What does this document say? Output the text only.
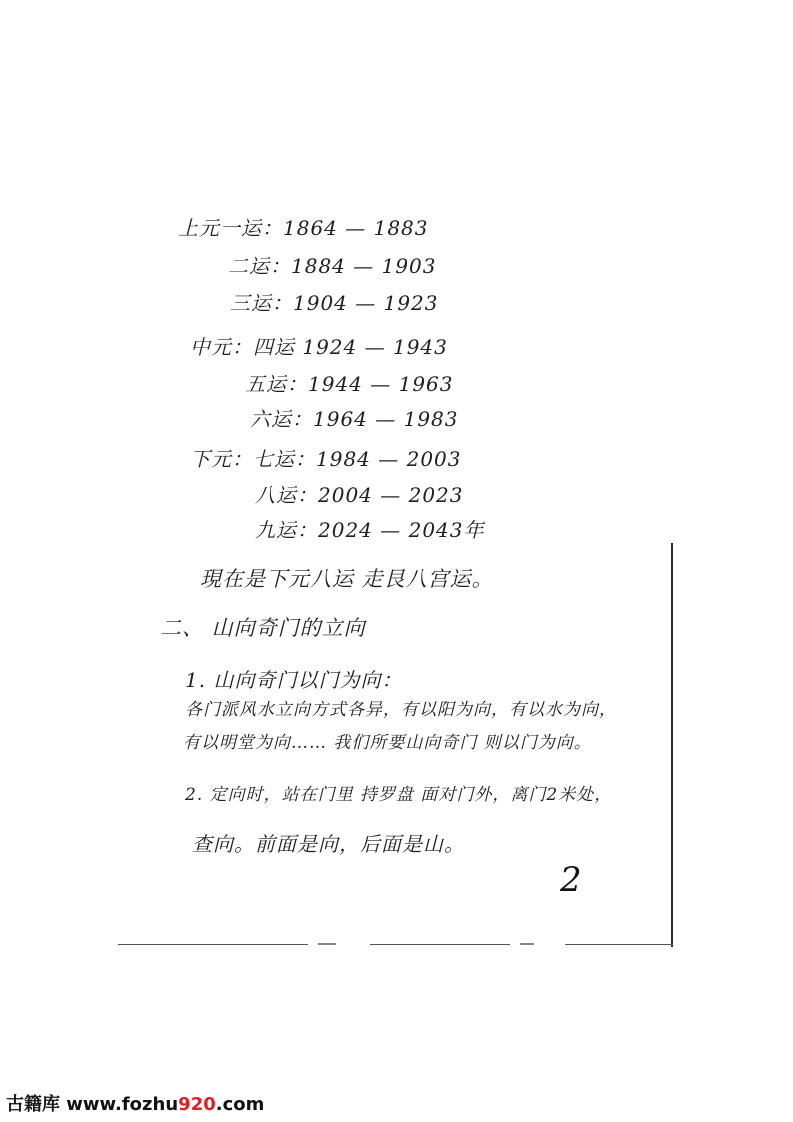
上元一运：1864 — 1883
二运：1884 — 1903
三运：1904 — 1923
中元：四运 1924 — 1943
五运：1944 — 1963
六运：1964 — 1983
下元：七运：1984 — 2003
八运：2004 — 2023
九运：2024 — 2043年
現在是下元八运 走艮八宫运。
二、 山向奇门的立向
1. 山向奇门以门为向：
各门派风水立向方式各异，有以阳为向，有以水为向，
有以明堂为向…… 我们所要山向奇门 则以门为向。
2. 定向时，站在门里 持罗盘 面对门外，离门2米处，
查向。前面是向，后面是山。
2
古籍库 www.fozhu920.com
